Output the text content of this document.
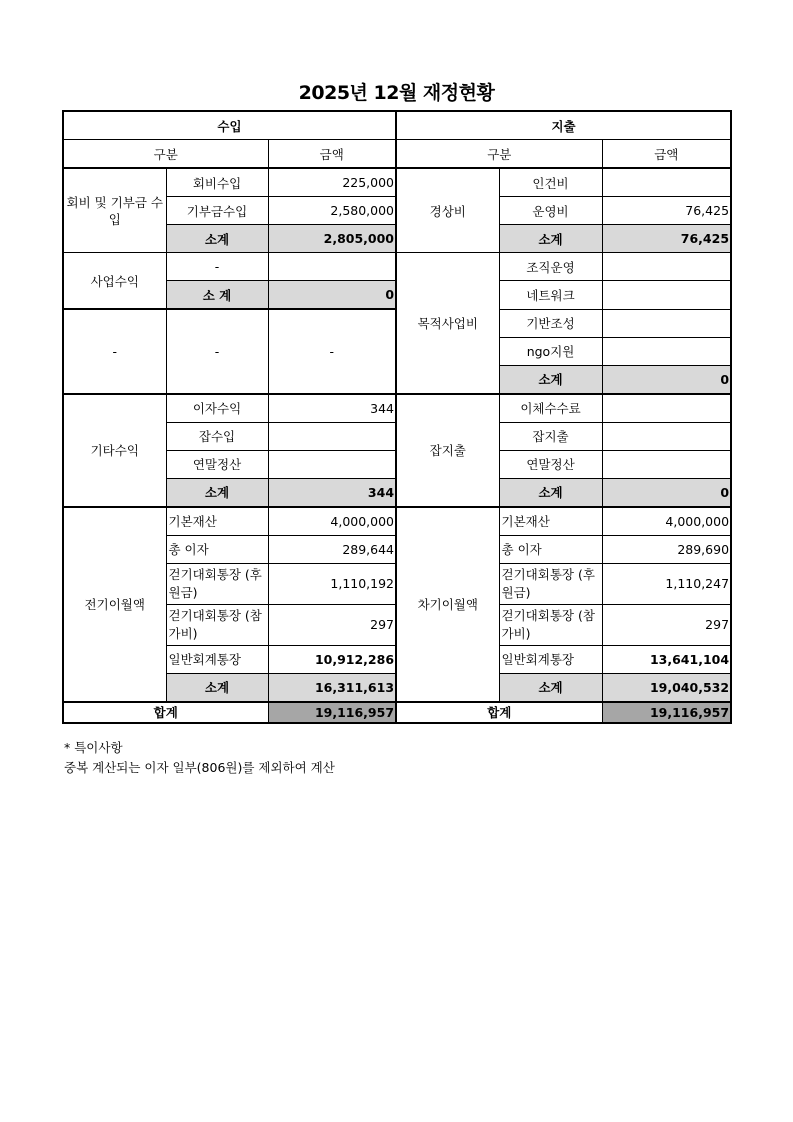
2025년 12월 재정현황
수입			지출		
구분		금액	구분		금액
회비 및 기부금 수입	회비수입	225,000	경상비	인건비	
	기부금수입	2,580,000		운영비	76,425
	소계	2,805,000		소계	76,425
사업수익	-		목적사업비	조직운영	
	소 계	0		네트워크	
-	-	-		기반조성	
				ngo지원	
				소계	0
기타수익	이자수익	344	잡지출	이체수수료	
	잡수입			잡지출	
	연말정산			연말정산	
	소계	344		소계	0
전기이월액	기본재산	4,000,000	차기이월액	기본재산	4,000,000
	총 이자	289,644		총 이자	289,690
	걷기대회통장 (후원금)	1,110,192		걷기대회통장 (후원금)	1,110,247
	걷기대회통장 (참가비)	297		걷기대회통장 (참가비)	297
	일반회계통장	10,912,286		일반회계통장	13,641,104
	소계	16,311,613		소계	19,040,532
합계		19,116,957	합계		19,116,957
* 특이사항
중복 계산되는 이자 일부(806원)를 제외하여 계산
